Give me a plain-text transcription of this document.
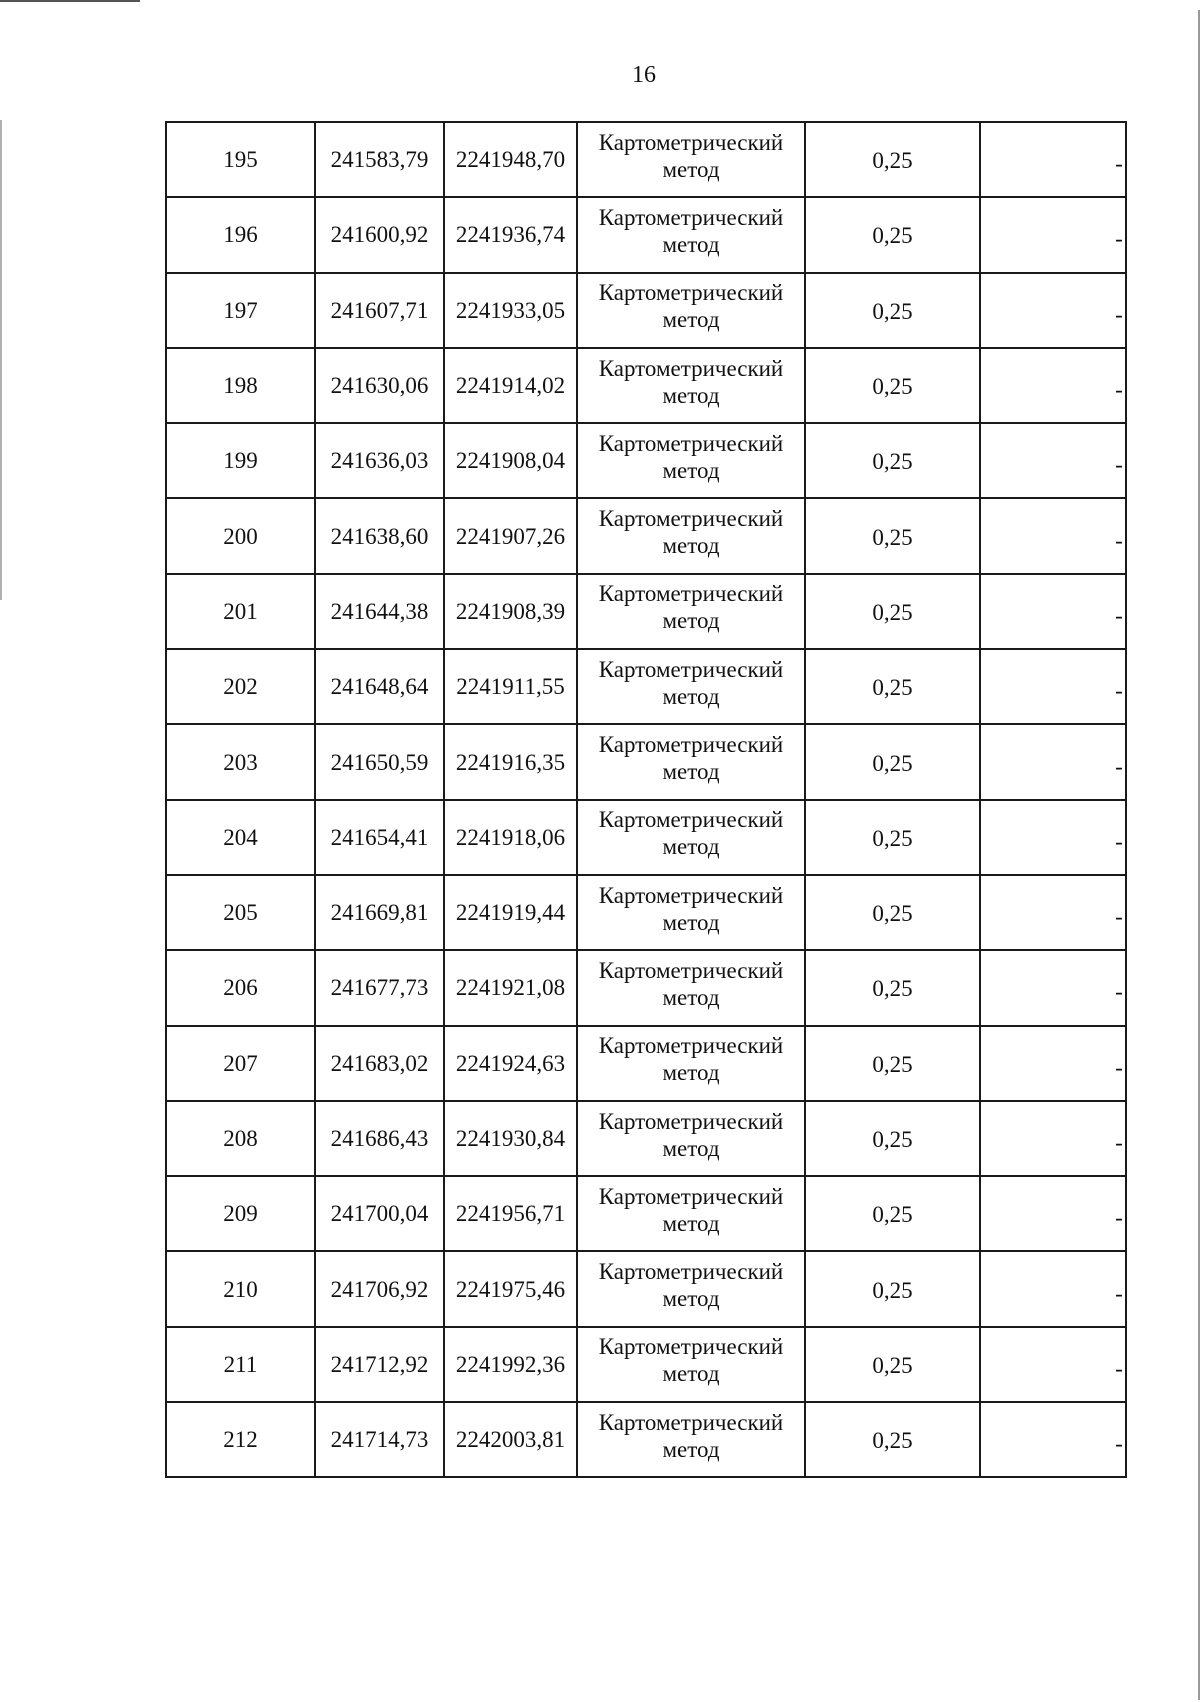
16
195	241583,79	2241948,70	Картометрический метод	0,25	-
196	241600,92	2241936,74	Картометрический метод	0,25	-
197	241607,71	2241933,05	Картометрический метод	0,25	-
198	241630,06	2241914,02	Картометрический метод	0,25	-
199	241636,03	2241908,04	Картометрический метод	0,25	-
200	241638,60	2241907,26	Картометрический метод	0,25	-
201	241644,38	2241908,39	Картометрический метод	0,25	-
202	241648,64	2241911,55	Картометрический метод	0,25	-
203	241650,59	2241916,35	Картометрический метод	0,25	-
204	241654,41	2241918,06	Картометрический метод	0,25	-
205	241669,81	2241919,44	Картометрический метод	0,25	-
206	241677,73	2241921,08	Картометрический метод	0,25	-
207	241683,02	2241924,63	Картометрический метод	0,25	-
208	241686,43	2241930,84	Картометрический метод	0,25	-
209	241700,04	2241956,71	Картометрический метод	0,25	-
210	241706,92	2241975,46	Картометрический метод	0,25	-
211	241712,92	2241992,36	Картометрический метод	0,25	-
212	241714,73	2242003,81	Картометрический метод	0,25	-
